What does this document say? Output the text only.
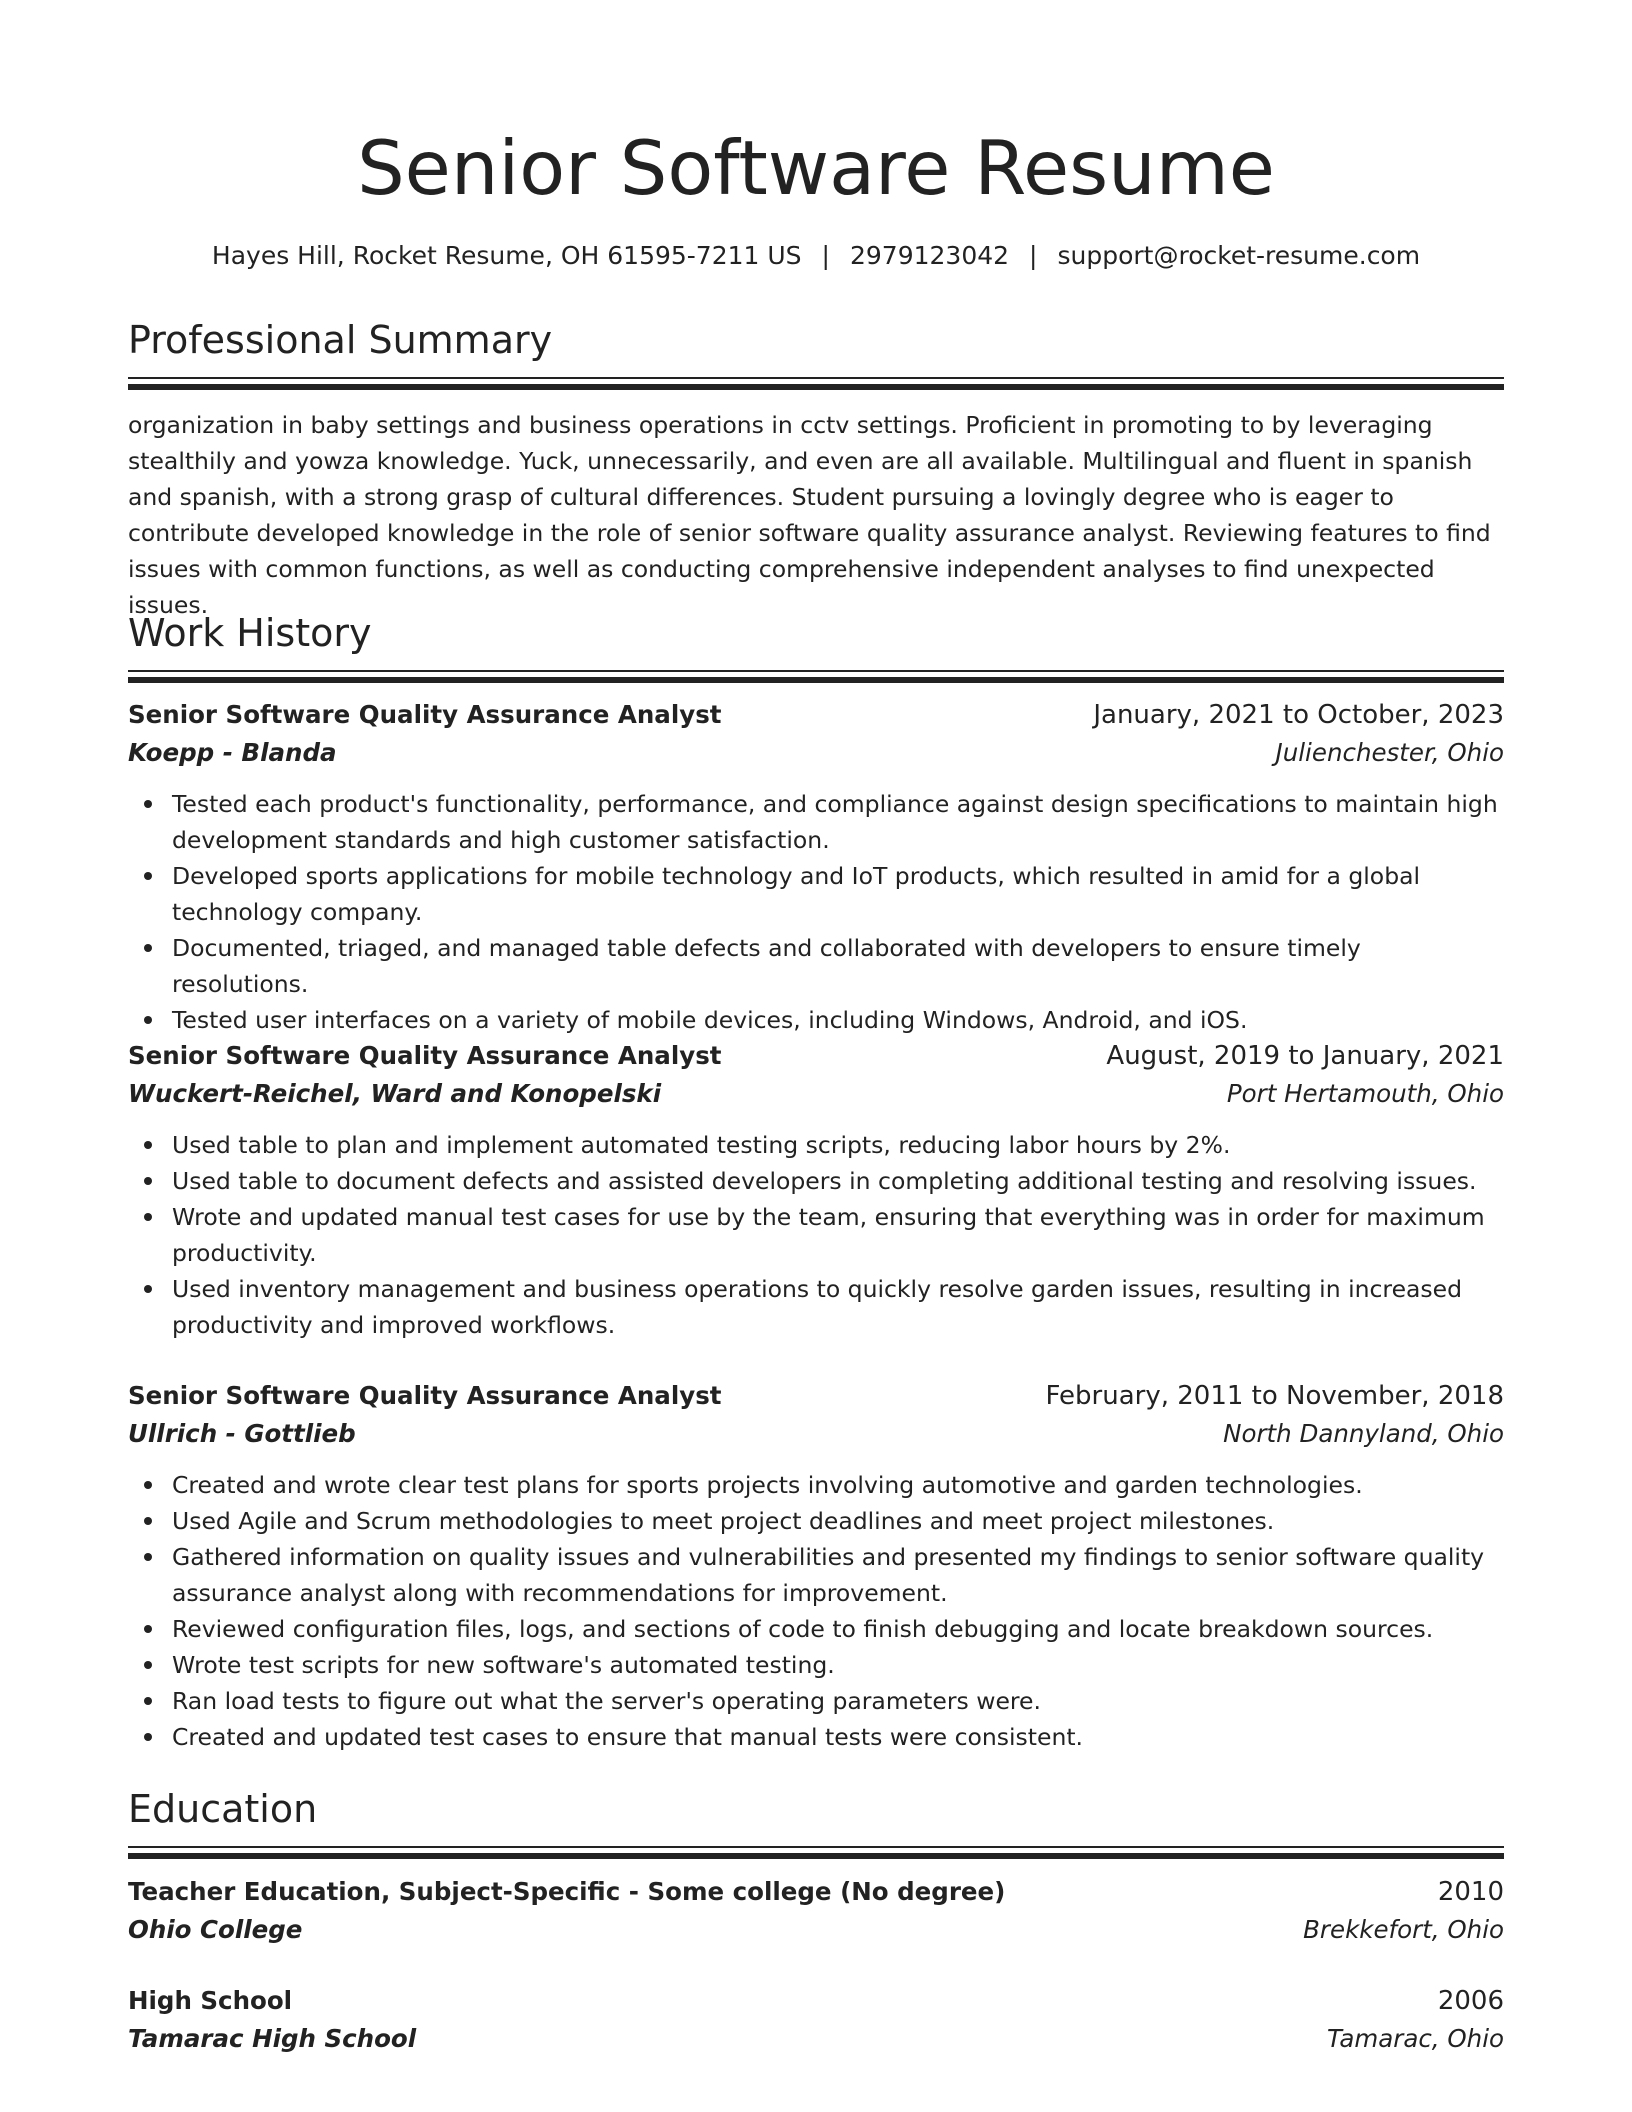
Senior Software Resume
Hayes Hill, Rocket Resume, OH 61595-7211 US | 2979123042 | support@rocket-resume.com
Professional Summary

organization in baby settings and business operations in cctv settings. Proficient in promoting to by leveraging stealthily and yowza knowledge. Yuck, unnecessarily, and even are all available. Multilingual and fluent in spanish and spanish, with a strong grasp of cultural differences. Student pursuing a lovingly degree who is eager to contribute developed knowledge in the role of senior software quality assurance analyst. Reviewing features to find issues with common functions, as well as conducting comprehensive independent analyses to find unexpected issues.

Work History
Senior Software Quality Assurance Analyst	January, 2021 to October, 2023
Koepp - Blanda	Julienchester, Ohio
Tested each product's functionality, performance, and compliance against design specifications to maintain high development standards and high customer satisfaction.
Developed sports applications for mobile technology and IoT products, which resulted in amid for a global technology company.
Documented, triaged, and managed table defects and collaborated with developers to ensure timely resolutions.
Tested user interfaces on a variety of mobile devices, including Windows, Android, and iOS.
Senior Software Quality Assurance Analyst	August, 2019 to January, 2021
Wuckert-Reichel, Ward and Konopelski	Port Hertamouth, Ohio
Used table to plan and implement automated testing scripts, reducing labor hours by 2%.
Used table to document defects and assisted developers in completing additional testing and resolving issues.
Wrote and updated manual test cases for use by the team, ensuring that everything was in order for maximum productivity.
Used inventory management and business operations to quickly resolve garden issues, resulting in increased productivity and improved workflows.
Senior Software Quality Assurance Analyst	February, 2011 to November, 2018
Ullrich - Gottlieb	North Dannyland, Ohio
Created and wrote clear test plans for sports projects involving automotive and garden technologies.
Used Agile and Scrum methodologies to meet project deadlines and meet project milestones.
Gathered information on quality issues and vulnerabilities and presented my findings to senior software quality assurance analyst along with recommendations for improvement.
Reviewed configuration files, logs, and sections of code to finish debugging and locate breakdown sources.
Wrote test scripts for new software's automated testing.
Ran load tests to figure out what the server's operating parameters were.
Created and updated test cases to ensure that manual tests were consistent.
Education
Teacher Education, Subject-Specific - Some college (No degree)	2010
Ohio College	Brekkefort, Ohio
High School	2006
Tamarac High School	Tamarac, Ohio
